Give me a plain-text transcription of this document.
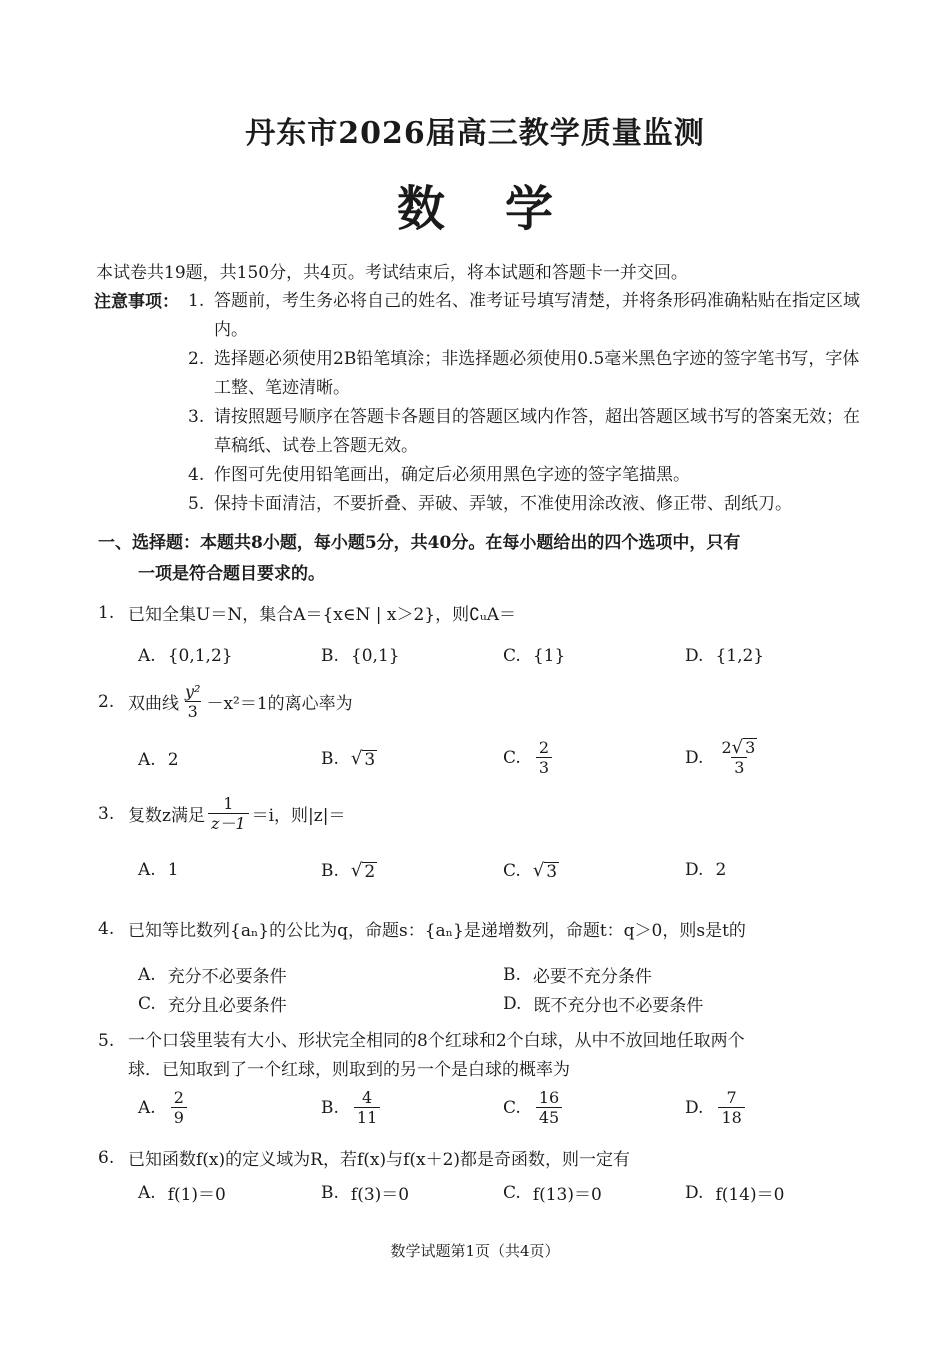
丹东市2026届高三教学质量监测
数学
本试卷共19题，共150分，共4页。考试结束后，将本试题和答题卡一并交回。
注意事项： 1. 答题前，考生务必将自己的姓名、准考证号填写清楚，并将条形码准确粘贴在指定区域内。
2. 选择题必须使用2B铅笔填涂；非选择题必须使用0.5毫米黑色字迹的签字笔书写，字体工整、笔迹清晰。
3. 请按照题号顺序在答题卡各题目的答题区域内作答，超出答题区域书写的答案无效；在草稿纸、试卷上答题无效。
4. 作图可先使用铅笔画出，确定后必须用黑色字迹的签字笔描黑。
5. 保持卡面清洁，不要折叠、弄破、弄皱，不准使用涂改液、修正带、刮纸刀。
一、选择题：本题共8小题，每小题5分，共40分。在每小题给出的四个选项中，只有
一项是符合题目要求的。
1. 已知全集U＝N，集合A＝{x∈N | x＞2}，则∁ᵤA＝
A. {0,1,2}	B. {0,1}	C. {1}	D. {1,2}
2. 双曲线 $\frac{\text{y²}}{3} -x^2=1$的离心率为
A. 2	B. √ 3	C. $\frac{2}{3}$	D. $\frac{2 √ 3}{3}$
3. 复数z满足 $\frac{1}{z-1} =i$，则|z|＝
A. 1	B. √ 2	C. √ 3	D. 2
4. 已知等比数列{aₙ}的公比为q，命题s：{aₙ}是递增数列，命题t：q＞0，则s是t的
A. 充分不必要条件	B. 必要不充分条件
C. 充分且必要条件	D. 既不充分也不必要条件
5. 一个口袋里装有大小、形状完全相同的8个红球和2个白球，从中不放回地任取两个
球．已知取到了一个红球，则取到的另一个是白球的概率为
A. $\frac{2}{9}$	B. $\frac{4}{11}$	C. $\frac{16}{45}$	D. $\frac{7}{18}$
6. 已知函数f(x)的定义域为R，若f(x)与f(x＋2)都是奇函数，则一定有
A. f(1)＝0	B. f(3)＝0	C. f(13)＝0	D. f(14)＝0
数学试题第1页（共4页）
